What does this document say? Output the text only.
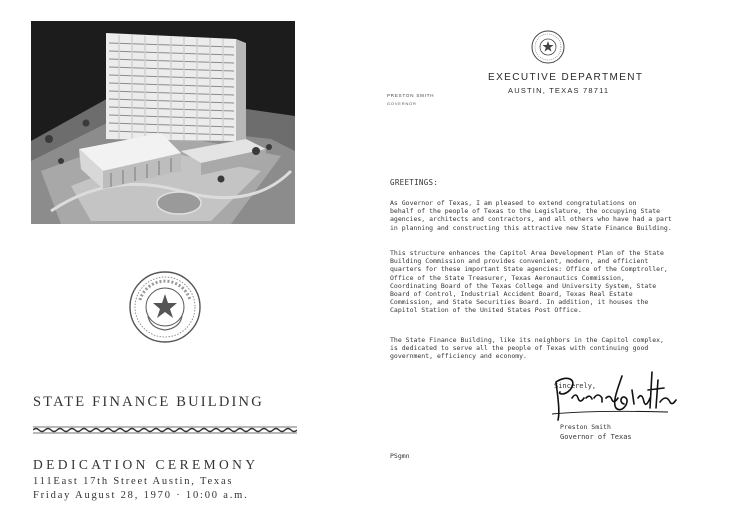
STATE FINANCE BUILDING
DEDICATION CEREMONY
111East 17th Street Austin, Texas
Friday August 28, 1970 · 10:00 a.m.
EXECUTIVE DEPARTMENT
AUSTIN, TEXAS 78711
PRESTON SMITH
GOVERNOR
GREETINGS:
As Governor of Texas, I am pleased to extend congratulations on
behalf of the people of Texas to the Legislature, the occupying State
agencies, architects and contractors, and all others who have had a part
in planning and constructing this attractive new State Finance Building.
This structure enhances the Capitol Area Development Plan of the State
Building Commission and provides convenient, modern, and efficient
quarters for these important State agencies: Office of the Comptroller,
Office of the State Treasurer, Texas Aeronautics Commission,
Coordinating Board of the Texas College and University System, State
Board of Control, Industrial Accident Board, Texas Real Estate
Commission, and State Securities Board. In addition, it houses the
Capitol Station of the United States Post Office.
The State Finance Building, like its neighbors in the Capitol complex,
is dedicated to serve all the people of Texas with continuing good
government, efficiency and economy.
Sincerely,
Preston Smith
Governor of Texas
PSgmn
